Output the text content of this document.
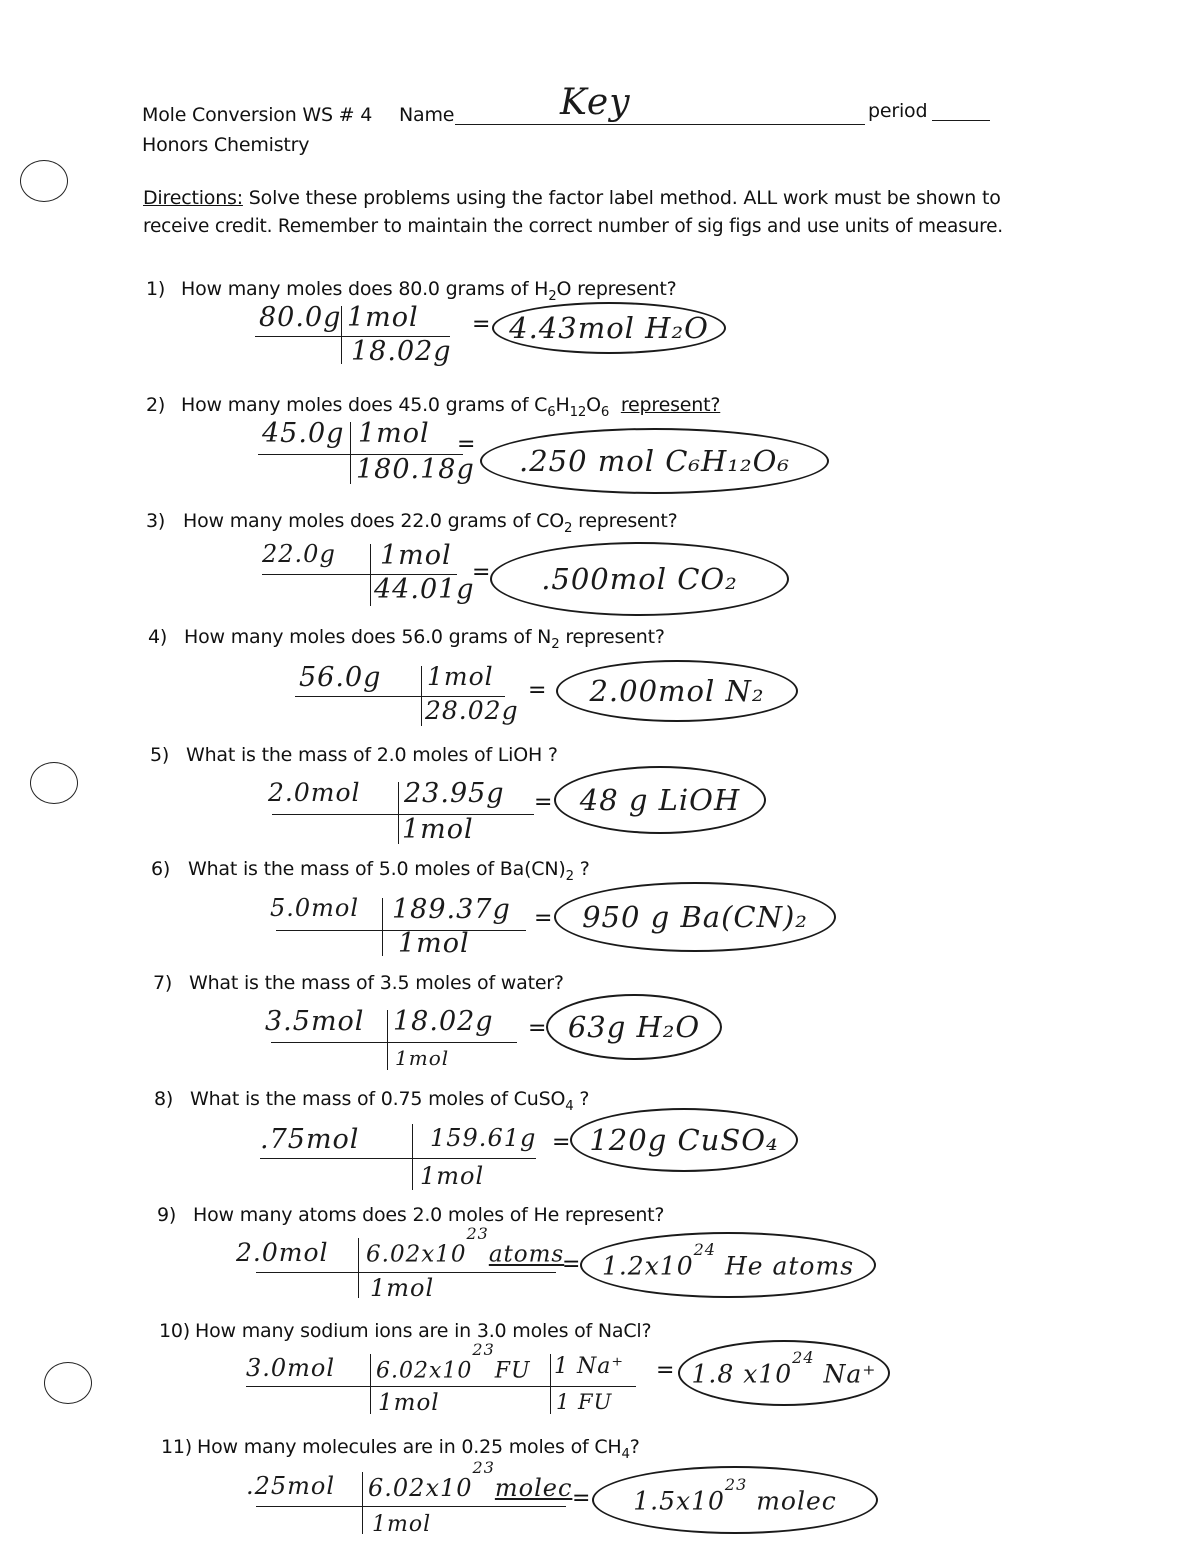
Mole Conversion WS # 4 Name	Key	period
Honors Chemistry
Directions: Solve these problems using the factor label method. ALL work must be shown to
receive credit. Remember to maintain the correct number of sig figs and use units of measure.
1) How many moles does 80.0 grams of $H_2O$ represent?
80.0g 1mol
18.02g
= 4.43mol H₂O
2) How many moles does 45.0 grams of $C_6H_{12}O_6$ represent?
45.0g 1mol
180.18g
= .250 mol C₆H₁₂O₆
3) How many moles does 22.0 grams of $CO_2$ represent?
22.0g 1mol
44.01g
= .500mol CO₂
4) How many moles does 56.0 grams of $N_2$ represent?
56.0g 1mol
28.02g
= 2.00mol N₂
5) What is the mass of 2.0 moles of LiOH ?
2.0mol 23.95g
1mol
= 48 g LiOH
6) What is the mass of 5.0 moles of $Ba(CN)_2$ ?
5.0mol 189.37g
1mol
= 950 g Ba(CN)₂
7) What is the mass of 3.5 moles of water?
3.5mol 18.02g
1mol
= 63g H₂O
8) What is the mass of 0.75 moles of CuSO$_4$ ?
.75mol	159.61g
1mol
= 120g CuSO₄
9) How many atoms does 2.0 moles of He represent?
2.0mol $6.02x10^{23}atoms$
1mol
= $1.2x10^{24}$ He atoms
10) How many sodium ions are in 3.0 moles of NaCl?
3.0mol $6.02x10^{23}FU$ 1 Na⁺
1mol	1 FU
= 1.8 $x10^{24}$ Na⁺
11) How many molecules are in 0.25 moles of $CH_4$?
.25mol $6.02x10^{23}molec$
1mol
= $1.5x10^{23}$ molec
